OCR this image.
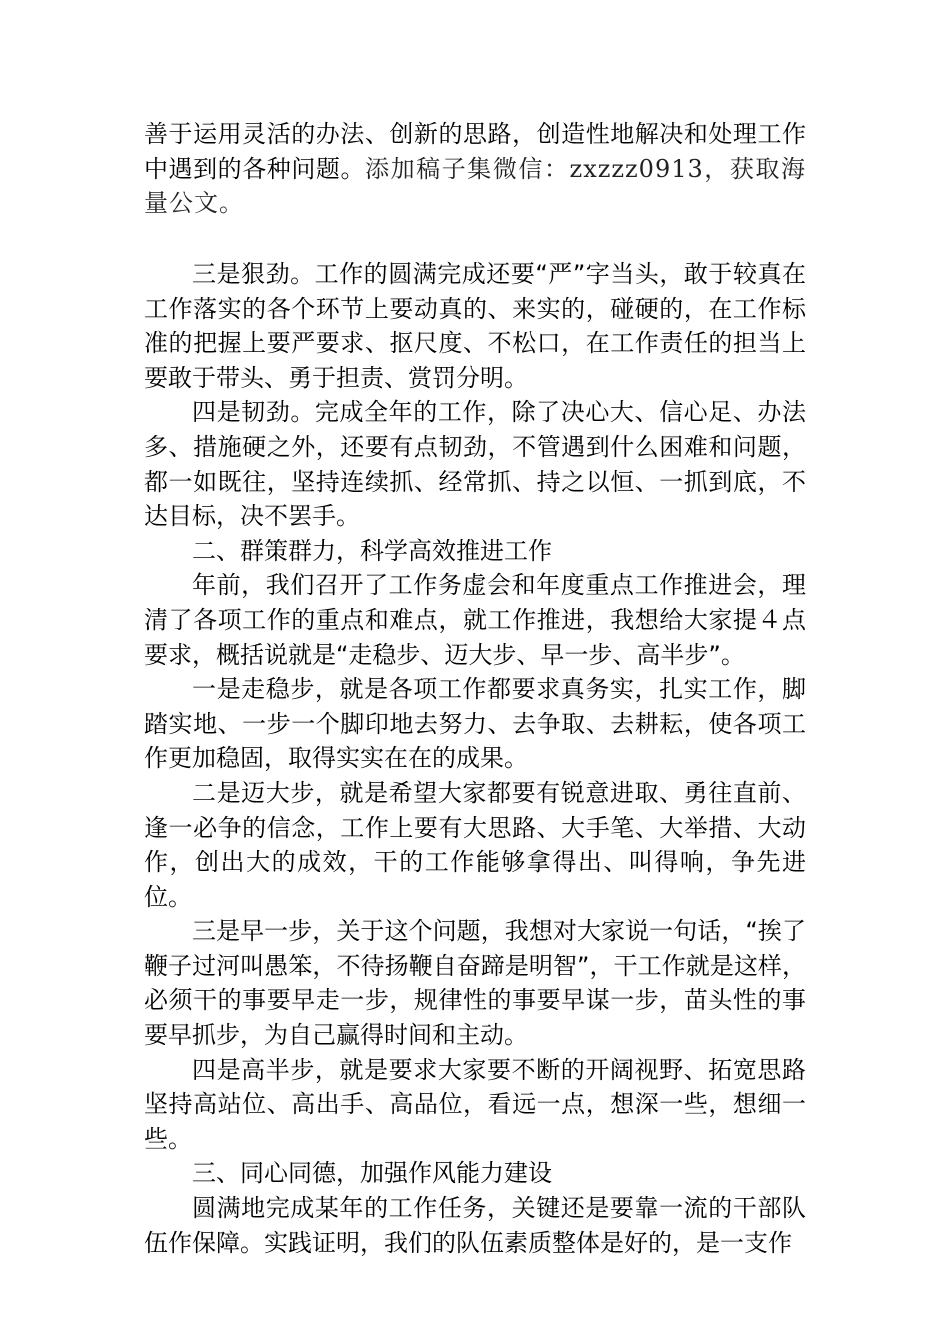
善于运用灵活的办法、创新的思路，创造性地解决和处理工作中遇到的各种问题。添加稿子集微信：zxzzz0913，获取海量公文。

三是狠劲。工作的圆满完成还要“严”字当头，敢于较真在工作落实的各个环节上要动真的、来实的，碰硬的，在工作标准的把握上要严要求、抠尺度、不松口，在工作责任的担当上要敢于带头、勇于担责、赏罚分明。

四是韧劲。完成全年的工作，除了决心大、信心足、办法多、措施硬之外，还要有点韧劲，不管遇到什么困难和问题，都一如既往，坚持连续抓、经常抓、持之以恒、一抓到底，不达目标，决不罢手。

二、群策群力，科学高效推进工作

年前，我们召开了工作务虚会和年度重点工作推进会，理清了各项工作的重点和难点，就工作推进，我想给大家提４点要求，概括说就是“走稳步、迈大步、早一步、高半步”。

一是走稳步，就是各项工作都要求真务实，扎实工作，脚踏实地、一步一个脚印地去努力、去争取、去耕耘，使各项工作更加稳固，取得实实在在的成果。

二是迈大步，就是希望大家都要有锐意进取、勇往直前、逢一必争的信念，工作上要有大思路、大手笔、大举措、大动作，创出大的成效，干的工作能够拿得出、叫得响，争先进位。

三是早一步，关于这个问题，我想对大家说一句话，“挨了鞭子过河叫愚笨，不待扬鞭自奋蹄是明智”，干工作就是这样，必须干的事要早走一步，规律性的事要早谋一步，苗头性的事要早抓步，为自己赢得时间和主动。

四是高半步，就是要求大家要不断的开阔视野、拓宽思路坚持高站位、高出手、高品位，看远一点，想深一些，想细一些。

三、同心同德，加强作风能力建设

圆满地完成某年的工作任务，关键还是要靠一流的干部队伍作保障。实践证明，我们的队伍素质整体是好的，是一支作
